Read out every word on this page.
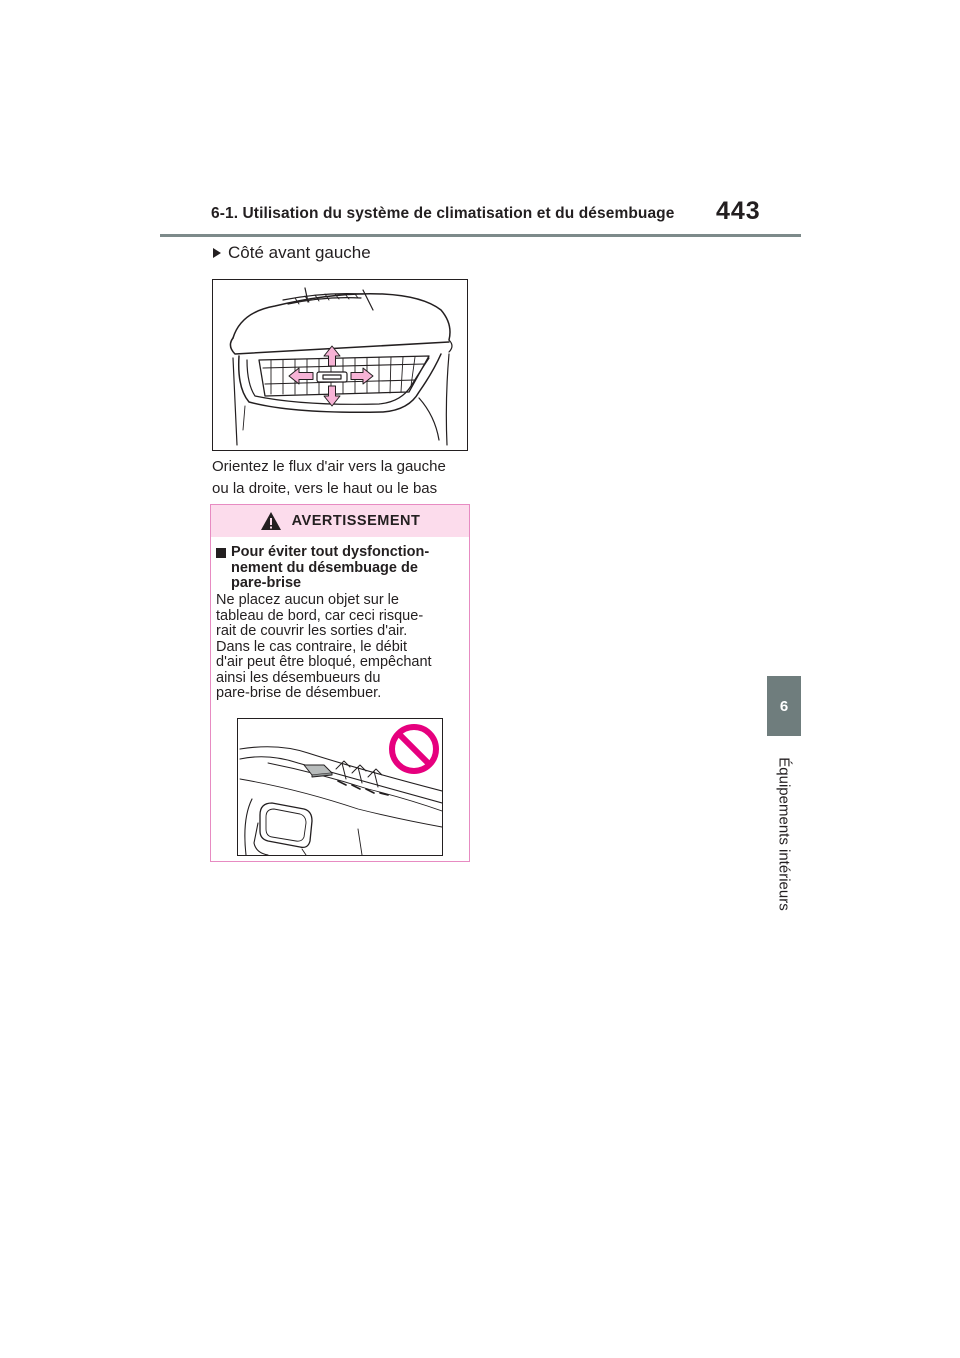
6-1. Utilisation du système de climatisation et du désembuage 443
6
Équipements intérieurs
Côté avant gauche
Orientez le flux d'air vers la gauche
ou la droite, vers le haut ou le bas
AVERTISSEMENT
Pour éviter tout dysfonction-
nement du désembuage de
pare-brise
Ne placez aucun objet sur le
tableau de bord, car ceci risque-
rait de couvrir les sorties d'air.
Dans le cas contraire, le débit
d'air peut être bloqué, empêchant
ainsi les désembueurs du
pare-brise de désembuer.
